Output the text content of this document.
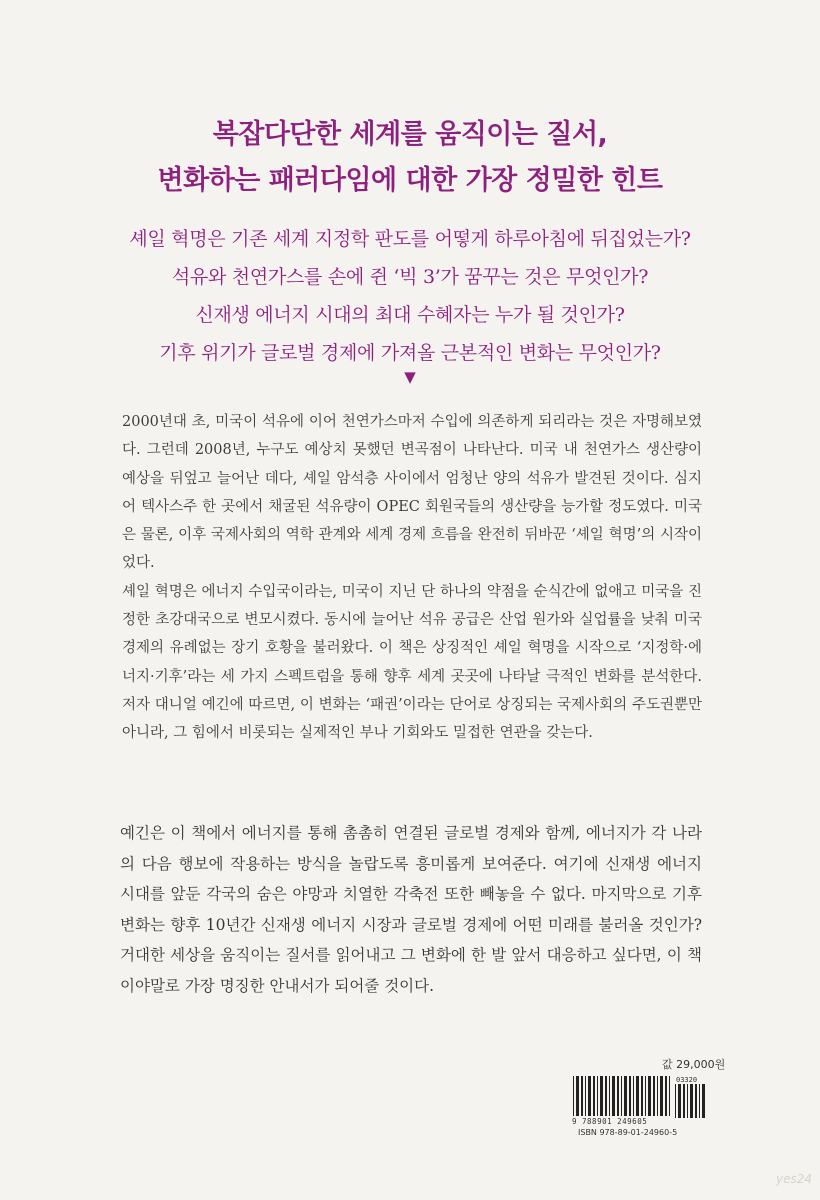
복잡다단한 세계를 움직이는 질서,
변화하는 패러다임에 대한 가장 정밀한 힌트
셰일 혁명은 기존 세계 지정학 판도를 어떻게 하루아침에 뒤집었는가?
석유와 천연가스를 손에 쥔 ‘빅 3’가 꿈꾸는 것은 무엇인가?
신재생 에너지 시대의 최대 수혜자는 누가 될 것인가?
기후 위기가 글로벌 경제에 가져올 근본적인 변화는 무엇인가?
▼

2000년대 초, 미국이 석유에 이어 천연가스마저 수입에 의존하게 되리라는 것은 자명해보였다. 그런데 2008년, 누구도 예상치 못했던 변곡점이 나타난다. 미국 내 천연가스 생산량이 예상을 뒤엎고 늘어난 데다, 셰일 암석층 사이에서 엄청난 양의 석유가 발견된 것이다. 심지어 텍사스주 한 곳에서 채굴된 석유량이 OPEC 회원국들의 생산량을 능가할 정도였다. 미국은 물론, 이후 국제사회의 역학 관계와 세계 경제 흐름을 완전히 뒤바꾼 ‘셰일 혁명’의 시작이었다.

셰일 혁명은 에너지 수입국이라는, 미국이 지닌 단 하나의 약점을 순식간에 없애고 미국을 진정한 초강대국으로 변모시켰다. 동시에 늘어난 석유 공급은 산업 원가와 실업률을 낮춰 미국 경제의 유례없는 장기 호황을 불러왔다. 이 책은 상징적인 셰일 혁명을 시작으로 ‘지정학·에너지·기후’라는 세 가지 스펙트럼을 통해 향후 세계 곳곳에 나타날 극적인 변화를 분석한다. 저자 대니얼 예긴에 따르면, 이 변화는 ‘패권’이라는 단어로 상징되는 국제사회의 주도권뿐만 아니라, 그 힘에서 비롯되는 실제적인 부나 기회와도 밀접한 연관을 갖는다.

예긴은 이 책에서 에너지를 통해 촘촘히 연결된 글로벌 경제와 함께, 에너지가 각 나라의 다음 행보에 작용하는 방식을 놀랍도록 흥미롭게 보여준다. 여기에 신재생 에너지 시대를 앞둔 각국의 숨은 야망과 치열한 각축전 또한 빼놓을 수 없다. 마지막으로 기후 변화는 향후 10년간 신재생 에너지 시장과 글로벌 경제에 어떤 미래를 불러올 것인가? 거대한 세상을 움직이는 질서를 읽어내고 그 변화에 한 발 앞서 대응하고 싶다면, 이 책이야말로 가장 명징한 안내서가 되어줄 것이다.

값 29,000원
03320
9 788901 249605
ISBN 978-89-01-24960-5
yes24
